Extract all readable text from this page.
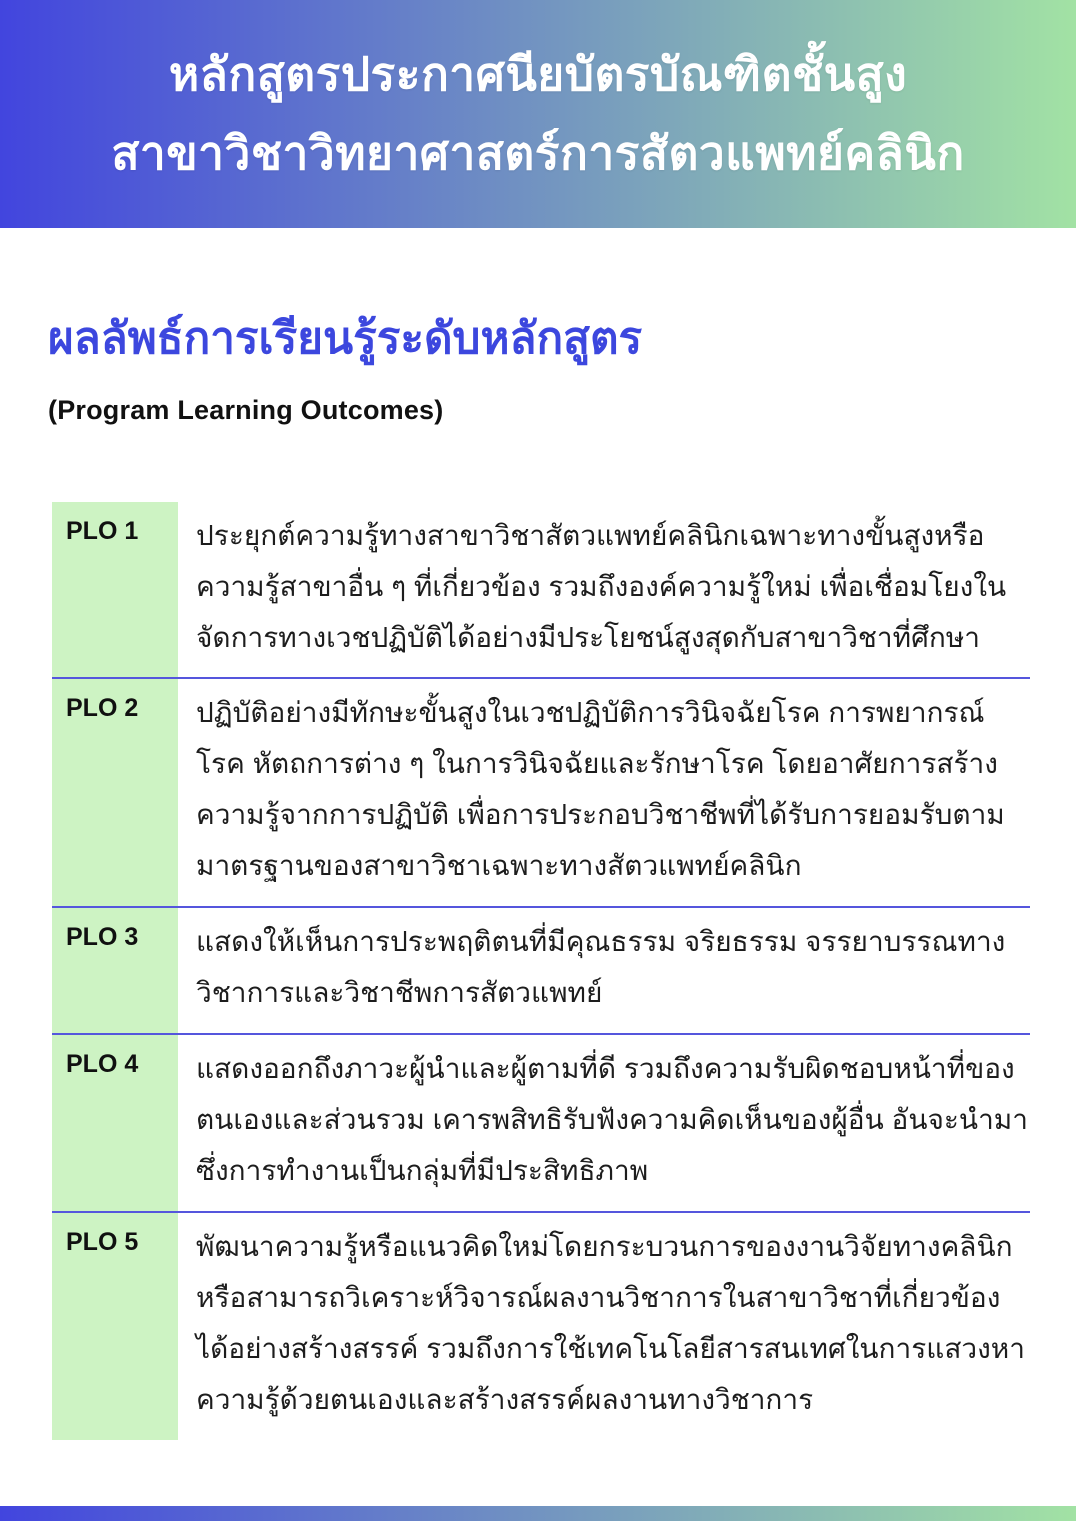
หลักสูตรประกาศนียบัตรบัณฑิตชั้นสูง
สาขาวิชาวิทยาศาสตร์การสัตวแพทย์คลินิก
ผลลัพธ์การเรียนรู้ระดับหลักสูตร
(Program Learning Outcomes)
PLO 1	ประยุกต์ความรู้ทางสาขาวิชาสัตวแพทย์คลินิกเฉพาะทางขั้นสูงหรือความรู้สาขาอื่น ๆ ที่เกี่ยวข้อง รวมถึงองค์ความรู้ใหม่ เพื่อเชื่อมโยงในจัดการทางเวชปฏิบัติได้อย่างมีประโยชน์สูงสุดกับสาขาวิชาที่ศึกษา
PLO 2	ปฏิบัติอย่างมีทักษะขั้นสูงในเวชปฏิบัติการวินิจฉัยโรค การพยากรณ์โรค หัตถการต่าง ๆ ในการวินิจฉัยและรักษาโรค โดยอาศัยการสร้างความรู้จากการปฏิบัติ เพื่อการประกอบวิชาชีพที่ได้รับการยอมรับตามมาตรฐานของสาขาวิชาเฉพาะทางสัตวแพทย์คลินิก
PLO 3	แสดงให้เห็นการประพฤติตนที่มีคุณธรรม จริยธรรม จรรยาบรรณทางวิชาการและวิชาชีพการสัตวแพทย์
PLO 4	แสดงออกถึงภาวะผู้นำและผู้ตามที่ดี รวมถึงความรับผิดชอบหน้าที่ของตนเองและส่วนรวม เคารพสิทธิรับฟังความคิดเห็นของผู้อื่น อันจะนำมาซึ่งการทำงานเป็นกลุ่มที่มีประสิทธิภาพ
PLO 5	พัฒนาความรู้หรือแนวคิดใหม่โดยกระบวนการของงานวิจัยทางคลินิกหรือสามารถวิเคราะห์วิจารณ์ผลงานวิชาการในสาขาวิชาที่เกี่ยวข้องได้อย่างสร้างสรรค์ รวมถึงการใช้เทคโนโลยีสารสนเทศในการแสวงหาความรู้ด้วยตนเองและสร้างสรรค์ผลงานทางวิชาการ
